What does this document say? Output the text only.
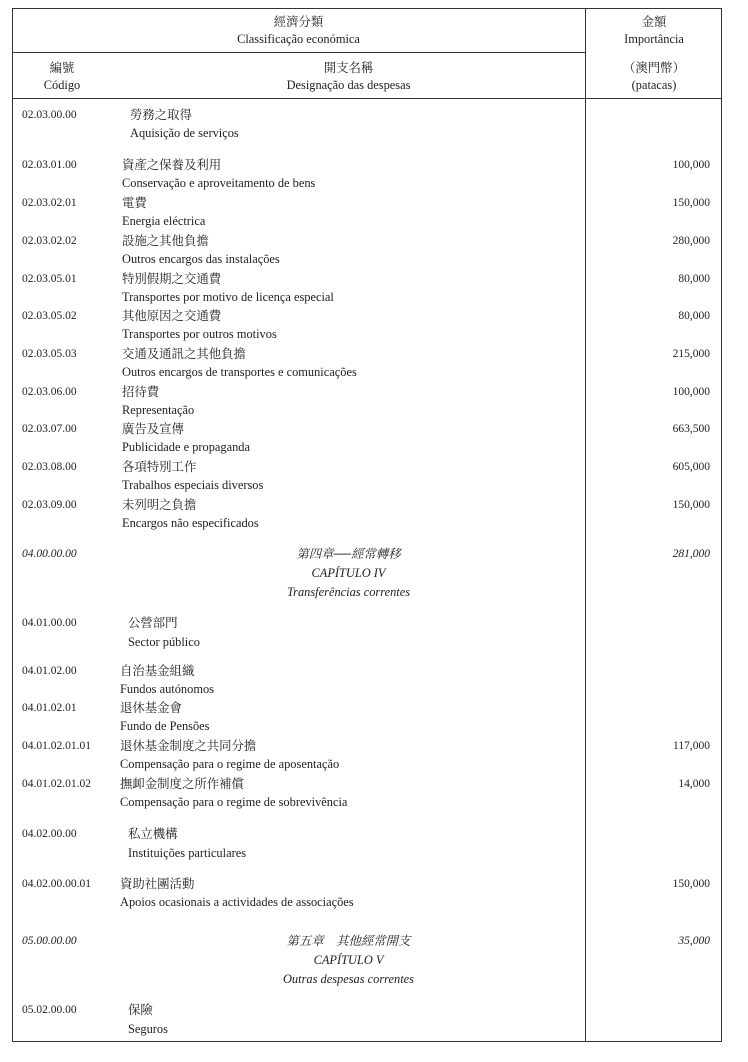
經濟分類
Classificação económica
金額
Importância
編號
Código
開支名稱
Designação das despesas
（澳門幣）
(patacas)
02.03.00.00	勞務之取得
Aquisição de serviços
02.03.01.00	資產之保養及利用
Conservação e aproveitamento de bens
100,000
02.03.02.01	電費
Energia eléctrica
150,000
02.03.02.02	設施之其他負擔
Outros encargos das instalações
280,000
02.03.05.01	特別假期之交通費
Transportes por motivo de licença especial
80,000
02.03.05.02	其他原因之交通費
Transportes por outros motivos
80,000
02.03.05.03	交通及通訊之其他負擔
Outros encargos de transportes e comunicações
215,000
02.03.06.00	招待費
Representação
100,000
02.03.07.00	廣告及宣傳
Publicidade e propaganda
663,500
02.03.08.00	各項特別工作
Trabalhos especiais diversos
605,000
02.03.09.00	未列明之負擔
Encargos não especificados
150,000
04.00.00.00	第四章──經常轉移
CAPÍTULO IV
Transferências correntes
281,000
04.01.00.00	公營部門
Sector público
04.01.02.00	自治基金組織
Fundos autónomos
04.01.02.01	退休基金會
Fundo de Pensões
04.01.02.01.01	退休基金制度之共同分擔
Compensação para o regime de aposentação
117,000
04.01.02.01.02	撫卹金制度之所作補償
Compensação para o regime de sobrevivência
14,000
04.02.00.00	私立機構
Instituições particulares
04.02.00.00.01	資助社團活動
Apoios ocasionais a actividades de associações
150,000
05.00.00.00	第五章　其他經常開支
CAPÍTULO V
Outras despesas correntes
35,000
05.02.00.00	保險
Seguros
